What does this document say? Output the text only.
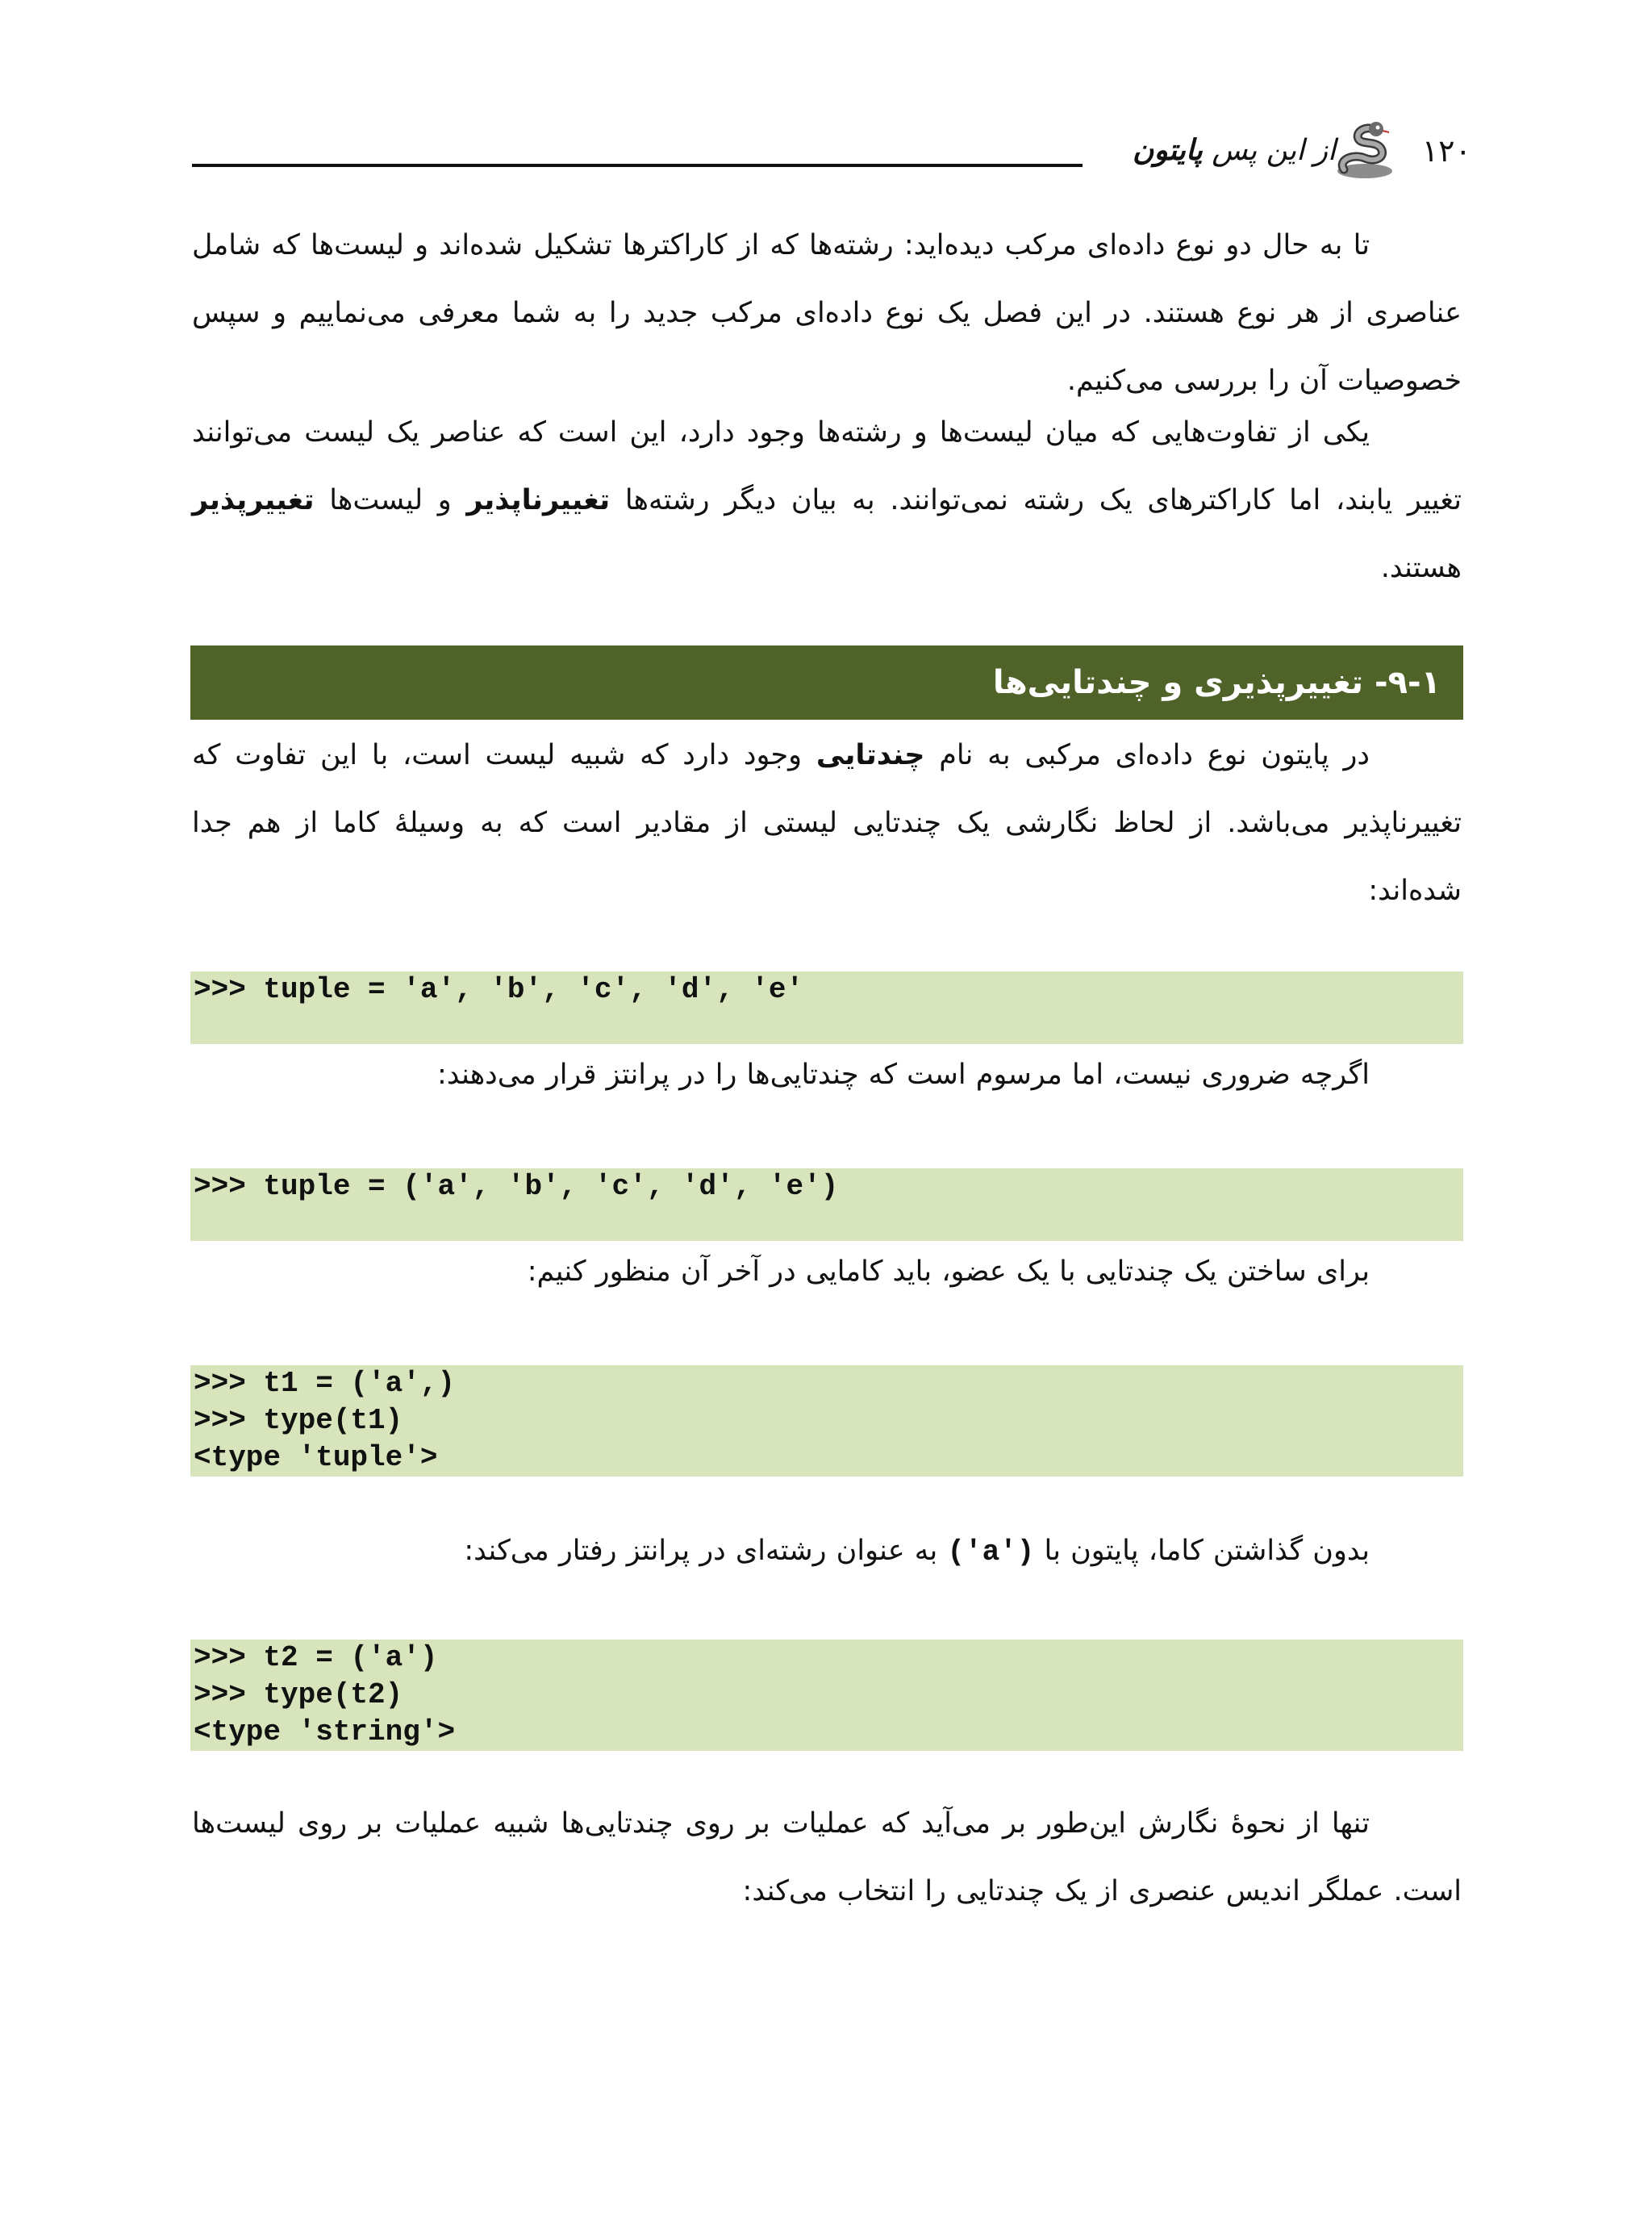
از این پس پایتون	۱۲۰
تا به حال دو نوع داده‌ای مرکب دیده‌اید: رشته‌ها که از کاراکترها تشکیل شده‌اند و لیست‌ها که شامل عناصری از هر نوع هستند. در این فصل یک نوع داده‌ای مرکب جدید را به شما معرفی می‌نماییم و سپس خصوصیات آن را بررسی می‌کنیم.
یکی از تفاوت‌هایی که میان لیست‌ها و رشته‌ها وجود دارد، این است که عناصر یک لیست می‌توانند تغییر یابند، اما کاراکترهای یک رشته نمی‌توانند. به بیان دیگر رشته‌ها تغییرناپذیر و لیست‌ها تغییرپذیر هستند.
۹-۱- تغییرپذیری و چندتایی‌ها
در پایتون نوع داده‌ای مرکبی به نام چندتایی وجود دارد که شبیه لیست است، با این تفاوت که تغییرناپذیر می‌باشد. از لحاظ نگارشی یک چندتایی لیستی از مقادیر است که به وسیلهٔ کاما از هم جدا شده‌اند:
>>> tuple = 'a', 'b', 'c', 'd', 'e'
اگرچه ضروری نیست، اما مرسوم است که چندتایی‌ها را در پرانتز قرار می‌دهند:
>>> tuple = ('a', 'b', 'c', 'd', 'e')
برای ساختن یک چندتایی با یک عضو، باید کامایی در آخر آن منظور کنیم:
>>> t1 = ('a',)
>>> type(t1)
<type 'tuple'>
بدون گذاشتن کاما، پایتون با ('a') به عنوان رشته‌ای در پرانتز رفتار می‌کند:
>>> t2 = ('a')
>>> type(t2)
<type 'string'>
تنها از نحوهٔ نگارش این‌طور بر می‌آید که عملیات بر روی چندتایی‌ها شبیه عملیات بر روی لیست‌ها است. عملگر اندیس عنصری از یک چندتایی را انتخاب می‌کند:
